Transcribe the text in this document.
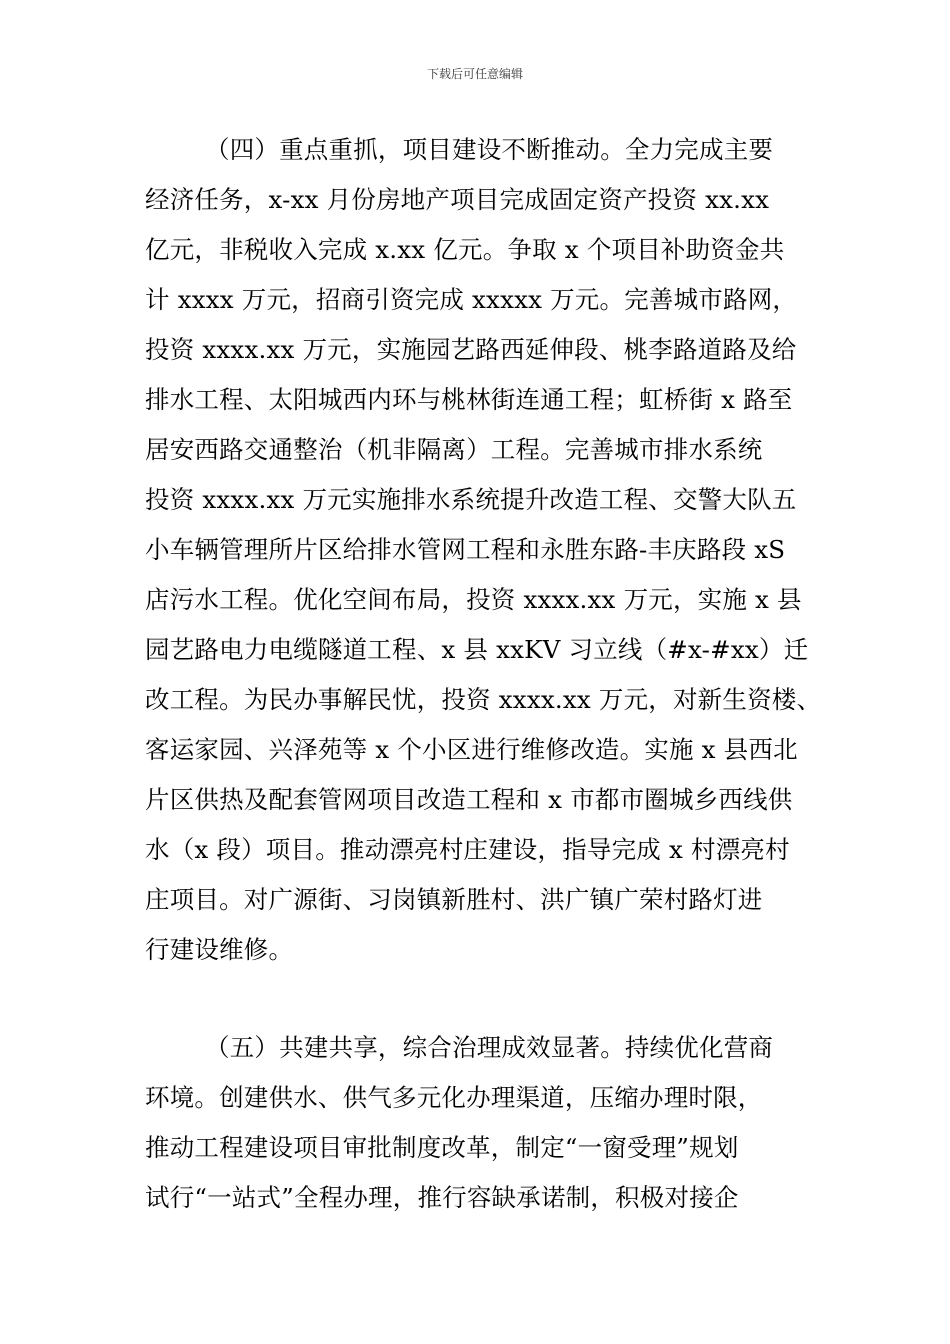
下载后可任意编辑
（四）重点重抓，项目建设不断推动。全力完成主要
经济任务，x-xx 月份房地产项目完成固定资产投资 xx.xx
亿元，非税收入完成 x.xx 亿元。争取 x 个项目补助资金共
计 xxxx 万元，招商引资完成 xxxxx 万元。完善城市路网，
投资 xxxx.xx 万元，实施园艺路西延伸段、桃李路道路及给
排水工程、太阳城西内环与桃林街连通工程；虹桥街 x 路至
居安西路交通整治（机非隔离）工程。完善城市排水系统
投资 xxxx.xx 万元实施排水系统提升改造工程、交警大队五
小车辆管理所片区给排水管网工程和永胜东路-丰庆路段 xS
店污水工程。优化空间布局，投资 xxxx.xx 万元，实施 x 县
园艺路电力电缆隧道工程、x 县 xxKV 习立线（#x-#xx）迁
改工程。为民办事解民忧，投资 xxxx.xx 万元，对新生资楼、
客运家园、兴泽苑等 x 个小区进行维修改造。实施 x 县西北
片区供热及配套管网项目改造工程和 x 市都市圈城乡西线供
水（x 段）项目。推动漂亮村庄建设，指导完成 x 村漂亮村
庄项目。对广源街、习岗镇新胜村、洪广镇广荣村路灯进
行建设维修。
（五）共建共享，综合治理成效显著。持续优化营商
环境。创建供水、供气多元化办理渠道，压缩办理时限，
推动工程建设项目审批制度改革，制定“一窗受理”规划
试行“一站式”全程办理，推行容缺承诺制，积极对接企
